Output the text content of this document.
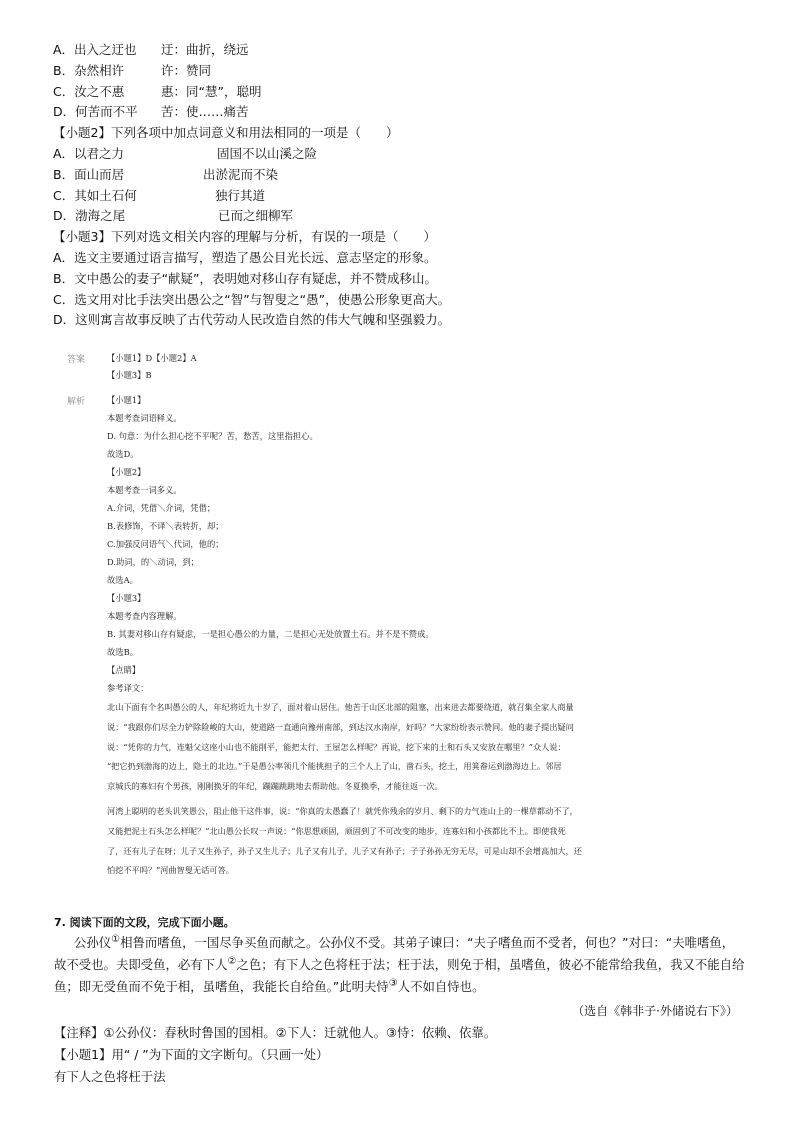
A．出入之迂也 迂：曲折，绕远
B．杂然相许	许：赞同
C．汝之不惠	惠：同“慧”，聪明
D．何苦而不平 苦：使……痛苦
【小题2】下列各项中加点词意义和用法相同的一项是（　　）
A．以君之力	固国不以山溪之险
B．面山而居	出淤泥而不染
C．其如土石何	独行其道
D．渤海之尾	已而之细柳军
【小题3】下列对选文相关内容的理解与分析，有误的一项是（　　）
A．选文主要通过语言描写，塑造了愚公目光长远、意志坚定的形象。
B．文中愚公的妻子“献疑”，表明她对移山存有疑虑，并不赞成移山。
C．选文用对比手法突出愚公之“智”与智叟之“愚”，使愚公形象更高大。
D．这则寓言故事反映了古代劳动人民改造自然的伟大气魄和坚强毅力。
答案	【小题1】D【小题2】A
【小题3】B
解析	【小题1】
本题考查词语释义。
D. 句意：为什么担心挖不平呢？苦，愁苦，这里指担心。
故选D。
【小题2】
本题考查一词多义。
A.介词，凭借＼介词，凭借；
B.表修饰，不译＼表转折，却；
C.加强反问语气＼代词，他的；
D.助词，的＼动词，到；
故选A。
【小题3】
本题考查内容理解。
B. 其妻对移山存有疑虑，一是担心愚公的力量，二是担心无处放置土石。并不是不赞成。
故选B。
【点睛】
参考译文：
北山下面有个名叫愚公的人，年纪将近九十岁了，面对着山居住。他苦于山区北部的阻塞，出来进去都要绕道，就召集全家人商量
说：“我跟你们尽全力铲除险峻的大山，使道路一直通向豫州南部，到达汉水南岸，好吗？”大家纷纷表示赞同。他的妻子提出疑问
说：“凭你的力气，连魁父这座小山也不能削平，能把太行、王屋怎么样呢？再说，挖下来的土和石头又安放在哪里？”众人说：
“把它扔到渤海的边上，隐土的北边。”于是愚公率领几个能挑担子的三个人上了山，凿石头，挖土，用箕畚运到渤海边上。邻居
京城氏的寡妇有个男孩，刚刚换牙的年纪，蹦蹦跳跳地去帮助他。冬夏换季，才能往返一次。
河湾上聪明的老头讥笑愚公，阻止他干这件事，说：“你真的太愚蠢了！就凭你残余的岁月、剩下的力气连山上的一棵草都动不了，
又能把泥土石头怎么样呢？”北山愚公长叹一声说：“你思想顽固，顽固到了不可改变的地步，连寡妇和小孩都比不上。即使我死
了，还有儿子在呀；儿子又生孙子，孙子又生儿子；儿子又有儿子，儿子又有孙子；子子孙孙无穷无尽，可是山却不会增高加大，还
怕挖不平吗？”河曲智叟无话可答。
7. 阅读下面的文段，完成下面小题。
公孙仪①相鲁而嗜鱼，一国尽争买鱼而献之。公孙仪不受。其弟子谏曰：“夫子嗜鱼而不受者，何也？”对曰：“夫唯嗜鱼，
故不受也。夫即受鱼，必有下人②之色；有下人之色将枉于法；枉于法，则免于相，虽嗜鱼，彼必不能常给我鱼，我又不能自给
鱼；即无受鱼而不免于相，虽嗜鱼，我能长自给鱼。”此明夫恃③人不如自恃也。
（选自《韩非子·外储说右下》）
【注释】①公孙仪：春秋时鲁国的国相。②下人：迁就他人。③恃：依赖、依靠。
【小题1】用“ / ”为下面的文字断句。（只画一处）
有下人之色将枉于法
